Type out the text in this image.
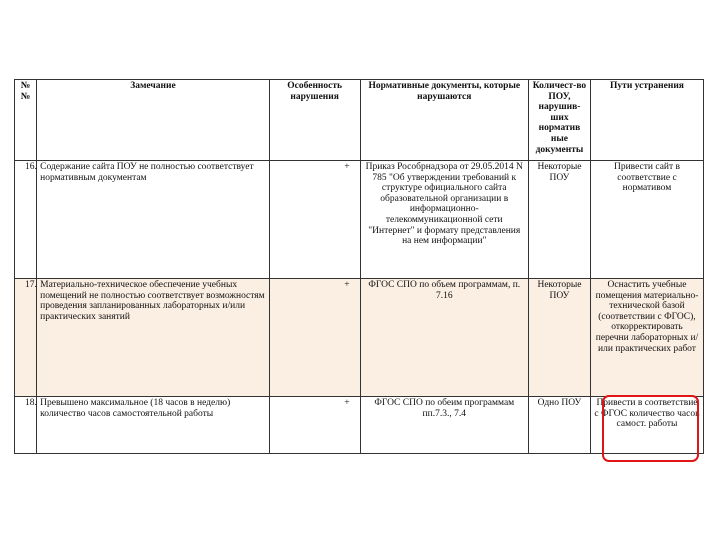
№№	Замечание	Особенность нарушения	Нормативные документы, которые нарушаются	Количест-во ПОУ, нарушив-ших норматив ные документы	Пути устранения
16.	Содержание сайта ПОУ не полностью соответствует нормативным документам	+	Приказ Рособрнадзора от 29.05.2014 N 785 "Об утверждении требований к структуре официального сайта образовательной организации в информационно-телекоммуникационной сети "Интернет" и формату представления на нем информации"	Некоторые ПОУ	Привести сайт в соответствие с нормативом
17.	Материально-техническое обеспечение учебных помещений не полностью соответствует возможностям проведения запланированных лабораторных и/или практических занятий	+	ФГОС СПО по объем программам, п. 7.16	Некоторые ПОУ	Оснастить учебные помещения материально-технической базой (соответствии с ФГОС), откорректировать перечни лабораторных и/или практических работ
18.	Превышено максимальное (18 часов в неделю) количество часов самостоятельной работы	+	ФГОС СПО по обеим программам пп.7.3., 7.4	Одно ПОУ	Привести в соответствие с ФГОС количество часов самост. работы
